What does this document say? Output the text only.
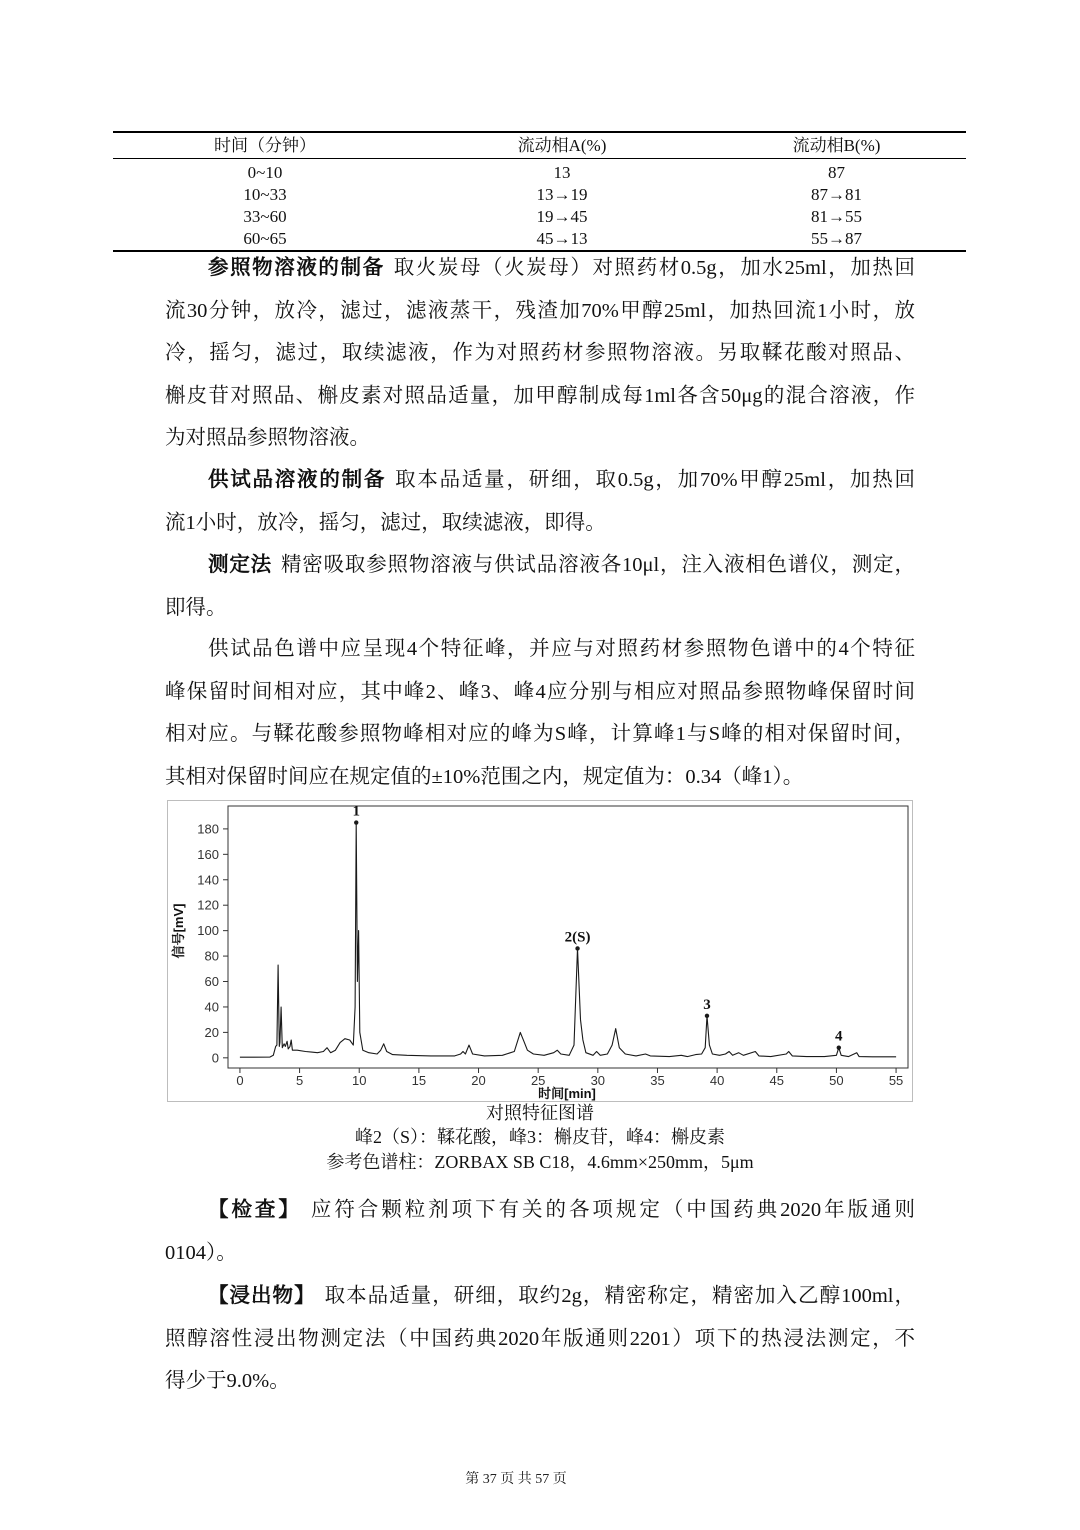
时间（分钟）	流动相A(%)	流动相B(%)
0~10	13	87
10~33	13→19	87→81
33~60	19→45	81→55
60~65	45→13	55→87
参照物溶液的制备 取火炭母（火炭母）对照药材0.5g，加水25ml，加热回
流30分钟，放冷，滤过，滤液蒸干，残渣加70%甲醇25ml，加热回流1小时，放
冷，摇匀，滤过，取续滤液，作为对照药材参照物溶液。另取鞣花酸对照品、
槲皮苷对照品、槲皮素对照品适量，加甲醇制成每1ml各含50μg的混合溶液，作
为对照品参照物溶液。
供试品溶液的制备 取本品适量，研细，取0.5g，加70%甲醇25ml，加热回
流1小时，放冷，摇匀，滤过，取续滤液，即得。
测定法 精密吸取参照物溶液与供试品溶液各10μl，注入液相色谱仪，测定，
即得。
供试品色谱中应呈现4个特征峰，并应与对照药材参照物色谱中的4个特征
峰保留时间相对应，其中峰2、峰3、峰4应分别与相应对照品参照物峰保留时间
相对应。与鞣花酸参照物峰相对应的峰为S峰，计算峰1与S峰的相对保留时间，
其相对保留时间应在规定值的±10%范围之内，规定值为：0.34（峰1）。
信号[mV]
时间[min]
0
20
40
60
80
100
120
140
160
180
0	5	10	15	20	25	30	35	40	45	50	55
1
2(S)
3
4
对照特征图谱
峰2（S）：鞣花酸，峰3：槲皮苷，峰4：槲皮素
参考色谱柱：ZORBAX SB C18，4.6mm×250mm，5μm
【检查】 应符合颗粒剂项下有关的各项规定（中国药典2020年版通则
0104）。
【浸出物】 取本品适量，研细，取约2g，精密称定，精密加入乙醇100ml，
照醇溶性浸出物测定法（中国药典2020年版通则2201）项下的热浸法测定，不
得少于9.0%。
第 37 页 共 57 页
